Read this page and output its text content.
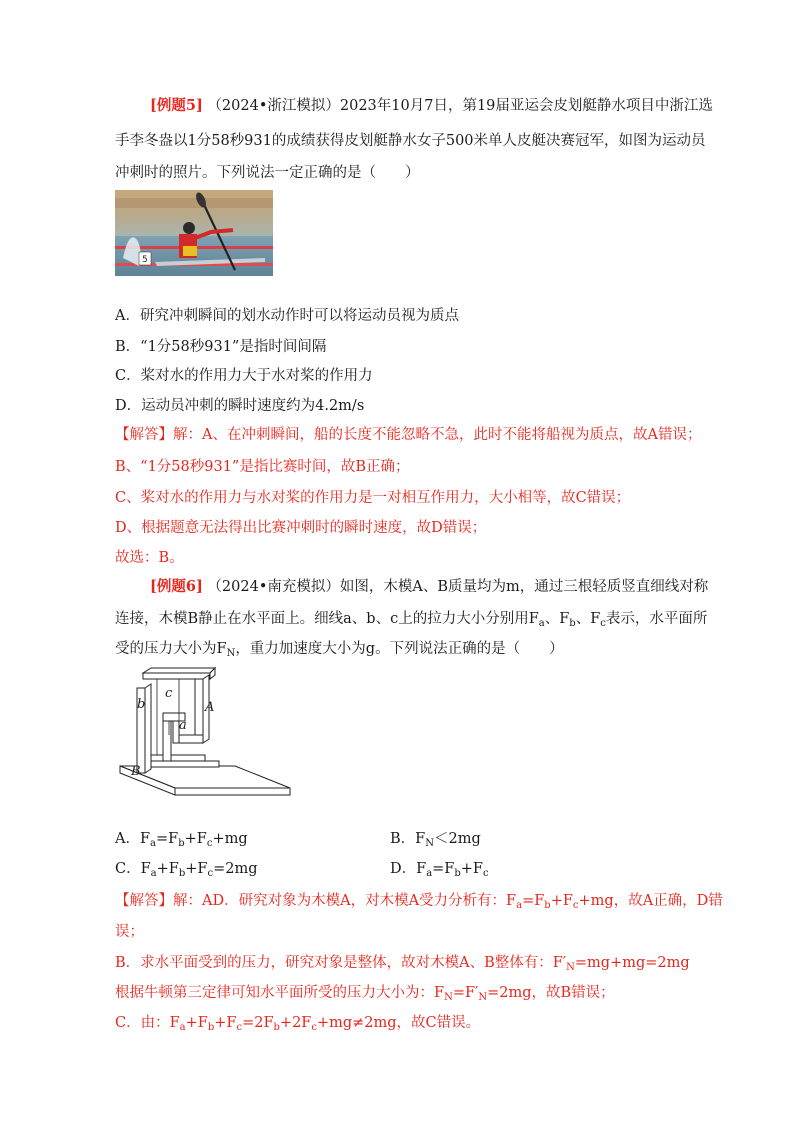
[例题5] （2024•浙江模拟）2023年10月7日，第19届亚运会皮划艇静水项目中浙江选
手李冬盎以1分58秒931的成绩获得皮划艇静水女子500米单人皮艇决赛冠军，如图为运动员
冲刺时的照片。下列说法一定正确的是（　　）
5
A．研究冲刺瞬间的划水动作时可以将运动员视为质点
B．“1分58秒931”是指时间间隔
C．桨对水的作用力大于水对桨的作用力
D．运动员冲刺的瞬时速度约为4.2m/s
【解答】解：A、在冲刺瞬间，船的长度不能忽略不急，此时不能将船视为质点，故A错误；
B、“1分58秒931”是指比赛时间，故B正确；
C、桨对水的作用力与水对桨的作用力是一对相互作用力，大小相等，故C错误；
D、根据题意无法得出比赛冲刺时的瞬时速度，故D错误；
故选：B。
[例题6] （2024•南充模拟）如图，木模A、B质量均为m，通过三根轻质竖直细线对称
连接，木模B静止在水平面上。细线a、b、c上的拉力大小分别用$F_a$、$F_b$、$F_c$表示，水平面所
受的压力大小为$F_N$，重力加速度大小为g。下列说法正确的是（　　）
b
c
a
A
B
A．$F_a=F_b+F_c+mg$	B．$F_N<2mg$
C．$F_a+F_b+F_c=2mg$	D．$F_a=F_b+F_c$
【解答】解：AD．研究对象为木模A，对木模A受力分析有：$F_a=F_b+F_c+mg$，故A正确，D错
误；
B．求水平面受到的压力，研究对象是整体，故对木模A、B整体有：$F'_N=mg+mg=2mg$
根据牛顿第三定律可知水平面所受的压力大小为：$F_N=F'_N=2mg$，故B错误；
C．由：$F_a+F_b+F_c=2F_b+2F_c+mg\ne 2mg$，故C错误。
